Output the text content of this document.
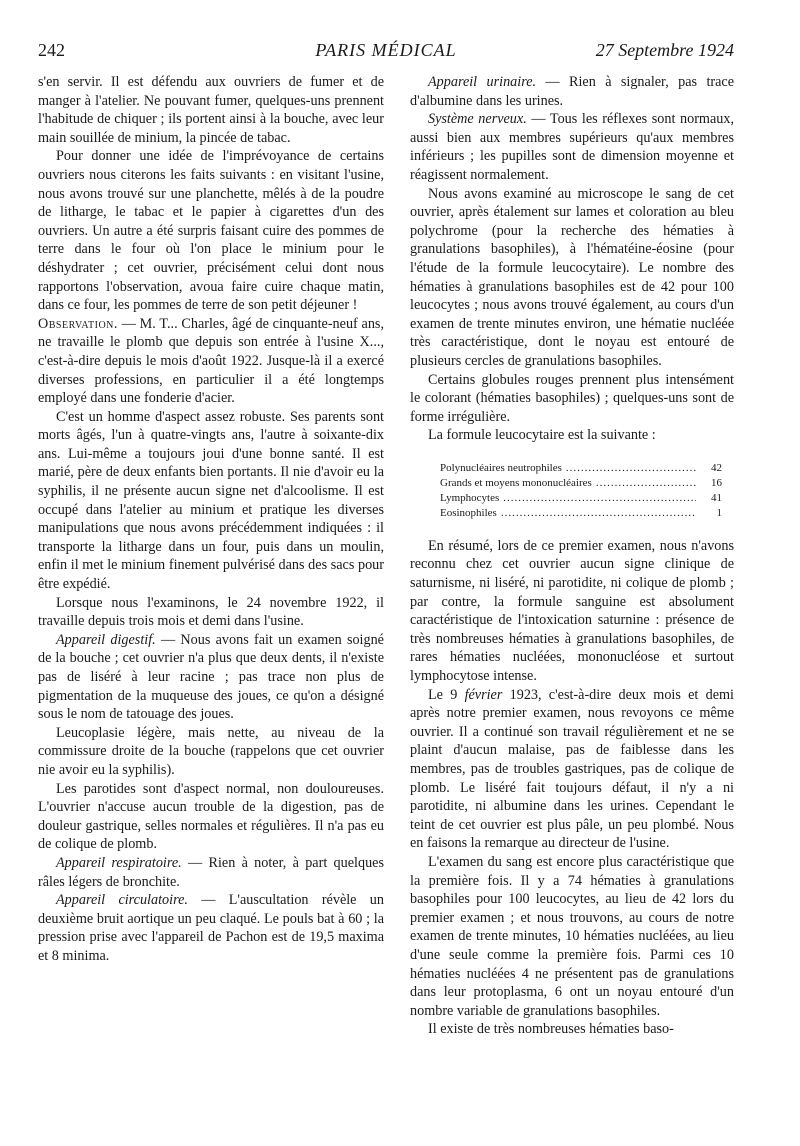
242	PARIS MÉDICAL	27 Septembre 1924

s'en servir. Il est défendu aux ouvriers de fumer et de manger à l'atelier. Ne pouvant fumer, quelques-uns prennent l'habitude de chiquer ; ils portent ainsi à la bouche, avec leur main souillée de minium, la pincée de tabac.

Pour donner une idée de l'imprévoyance de certains ouvriers nous citerons les faits suivants : en visitant l'usine, nous avons trouvé sur une planchette, mêlés à de la poudre de litharge, le tabac et le papier à cigarettes d'un des ouvriers. Un autre a été surpris faisant cuire des pommes de terre dans le four où l'on place le minium pour le déshydrater ; cet ouvrier, précisément celui dont nous rapportons l'observation, avoua faire cuire chaque matin, dans ce four, les pommes de terre de son petit déjeuner !

Observation. — M. T... Charles, âgé de cinquante-neuf ans, ne travaille le plomb que depuis son entrée à l'usine X..., c'est-à-dire depuis le mois d'août 1922. Jusque-là il a exercé diverses professions, en particulier il a été longtemps employé dans une fonderie d'acier.

C'est un homme d'aspect assez robuste. Ses parents sont morts âgés, l'un à quatre-vingts ans, l'autre à soixante-dix ans. Lui-même a toujours joui d'une bonne santé. Il est marié, père de deux enfants bien portants. Il nie d'avoir eu la syphilis, il ne présente aucun signe net d'alcoolisme. Il est occupé dans l'atelier au minium et pratique les diverses manipulations que nous avons précédemment indiquées : il transporte la litharge dans un four, puis dans un moulin, enfin il met le minium finement pulvérisé dans des sacs pour être expédié.

Lorsque nous l'examinons, le 24 novembre 1922, il travaille depuis trois mois et demi dans l'usine.

Appareil digestif. — Nous avons fait un examen soigné de la bouche ; cet ouvrier n'a plus que deux dents, il n'existe pas de liséré à leur racine ; pas trace non plus de pigmentation de la muqueuse des joues, ce qu'on a désigné sous le nom de tatouage des joues.

Leucoplasie légère, mais nette, au niveau de la commissure droite de la bouche (rappelons que cet ouvrier nie avoir eu la syphilis).

Les parotides sont d'aspect normal, non douloureuses. L'ouvrier n'accuse aucun trouble de la digestion, pas de douleur gastrique, selles normales et régulières. Il n'a pas eu de colique de plomb.

Appareil respiratoire. — Rien à noter, à part quelques râles légers de bronchite.

Appareil circulatoire. — L'auscultation révèle un deuxième bruit aortique un peu claqué. Le pouls bat à 60 ; la pression prise avec l'appareil de Pachon est de 19,5 maxima et 8 minima.

Appareil urinaire. — Rien à signaler, pas trace d'albumine dans les urines.

Système nerveux. — Tous les réflexes sont normaux, aussi bien aux membres supérieurs qu'aux membres inférieurs ; les pupilles sont de dimension moyenne et réagissent normalement.

Nous avons examiné au microscope le sang de cet ouvrier, après étalement sur lames et coloration au bleu polychrome (pour la recherche des hématies à granulations basophiles), à l'hématéine-éosine (pour l'étude de la formule leucocytaire). Le nombre des hématies à granulations basophiles est de 42 pour 100 leucocytes ; nous avons trouvé également, au cours d'un examen de trente minutes environ, une hématie nucléée très caractéristique, dont le noyau est entouré de plusieurs cercles de granulations basophiles.

Certains globules rouges prennent plus intensément le colorant (hématies basophiles) ; quelques-uns sont de forme irrégulière.

La formule leucocytaire est la suivante :

Polynucléaires neutrophiles .....	42
Grands et moyens mononucléaires .....	16
Lymphocytes .....	41
Eosinophiles .....	1

En résumé, lors de ce premier examen, nous n'avons reconnu chez cet ouvrier aucun signe clinique de saturnisme, ni liséré, ni parotidite, ni colique de plomb ; par contre, la formule sanguine est absolument caractéristique de l'intoxication saturnine : présence de très nombreuses hématies à granulations basophiles, de rares hématies nucléées, mononucléose et surtout lymphocytose intense.

Le 9 février 1923, c'est-à-dire deux mois et demi après notre premier examen, nous revoyons ce même ouvrier. Il a continué son travail régulièrement et ne se plaint d'aucun malaise, pas de faiblesse dans les membres, pas de troubles gastriques, pas de colique de plomb. Le liséré fait toujours défaut, il n'y a ni parotidite, ni albumine dans les urines. Cependant le teint de cet ouvrier est plus pâle, un peu plombé. Nous en faisons la remarque au directeur de l'usine.

L'examen du sang est encore plus caractéristique que la première fois. Il y a 74 hématies à granulations basophiles pour 100 leucocytes, au lieu de 42 lors du premier examen ; et nous trouvons, au cours de notre examen de trente minutes, 10 hématies nucléées, au lieu d'une seule comme la première fois. Parmi ces 10 hématies nucléées 4 ne présentent pas de granulations dans leur protoplasma, 6 ont un noyau entouré d'un nombre variable de granulations basophiles.

Il existe de très nombreuses hématies baso-
